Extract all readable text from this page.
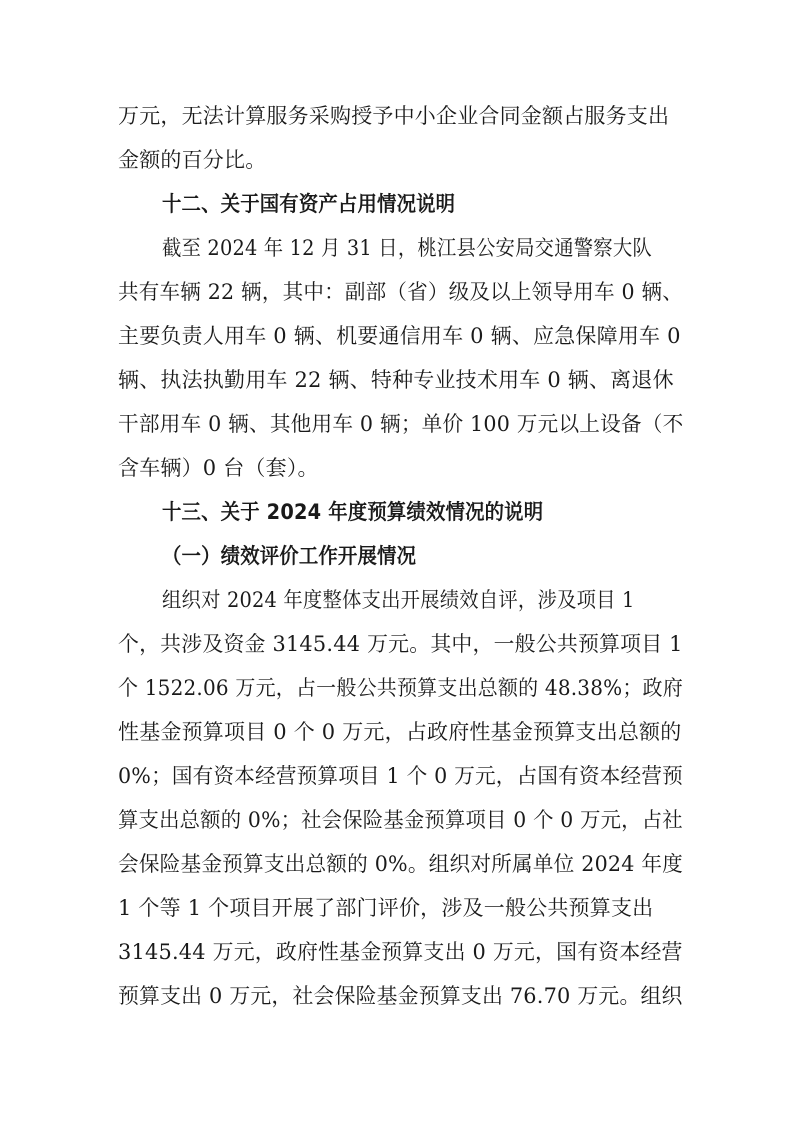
万元，无法计算服务采购授予中小企业合同金额占服务支出
金额的百分比。
十二、关于国有资产占用情况说明
截至 2024 年 12 月 31 日，桃江县公安局交通警察大队
共有车辆 22 辆，其中：副部（省）级及以上领导用车 0 辆、
主要负责人用车 0 辆、机要通信用车 0 辆、应急保障用车 0
辆、执法执勤用车 22 辆、特种专业技术用车 0 辆、离退休
干部用车 0 辆、其他用车 0 辆；单价 100 万元以上设备（不
含车辆）0 台（套）。
十三、关于 2024 年度预算绩效情况的说明
（一）绩效评价工作开展情况
组织对 2024 年度整体支出开展绩效自评，涉及项目 1
个，共涉及资金 3145.44 万元。其中，一般公共预算项目 1
个 1522.06 万元，占一般公共预算支出总额的 48.38%；政府
性基金预算项目 0 个 0 万元，占政府性基金预算支出总额的
0%；国有资本经营预算项目 1 个 0 万元，占国有资本经营预
算支出总额的 0%；社会保险基金预算项目 0 个 0 万元，占社
会保险基金预算支出总额的 0%。组织对所属单位 2024 年度
1 个等 1 个项目开展了部门评价，涉及一般公共预算支出
3145.44 万元，政府性基金预算支出 0 万元，国有资本经营
预算支出 0 万元，社会保险基金预算支出 76.70 万元。组织
